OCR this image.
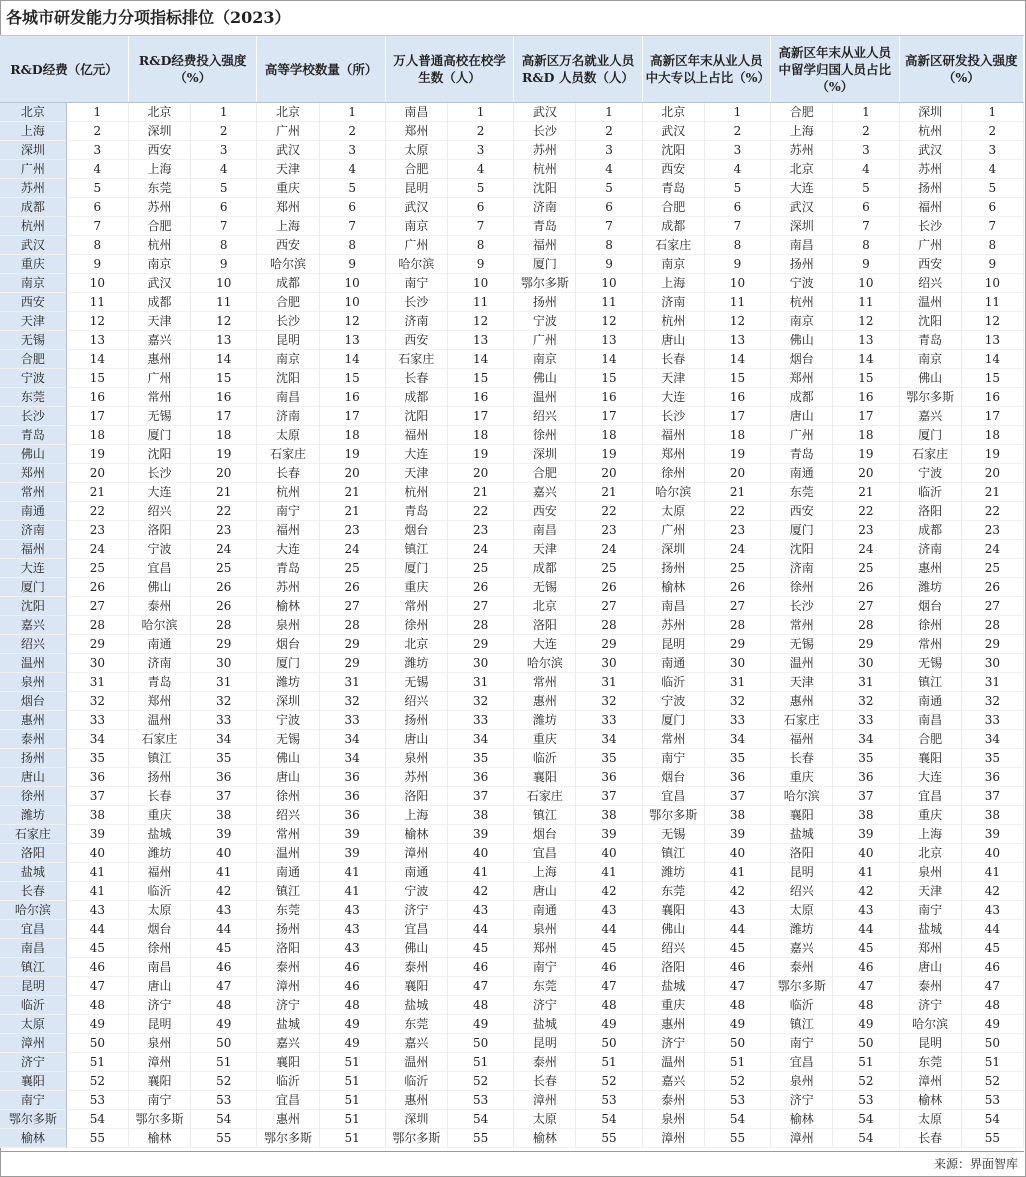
各城市研发能力分项指标排位（2023）
R&D经费（亿元）		R&D经费投入强度（%）		高等学校数量（所）		万人普通高校在校学生数（人）		高新区万名就业人员R&D 人员数（人）		高新区年末从业人员中大专以上占比（%）		高新区年末从业人员中留学归国人员占比（%）		高新区研发投入强度（%）	
北京	1	北京	1	北京	1	南昌	1	武汉	1	北京	1	合肥	1	深圳	1
上海	2	深圳	2	广州	2	郑州	2	长沙	2	武汉	2	上海	2	杭州	2
深圳	3	西安	3	武汉	3	太原	3	苏州	3	沈阳	3	苏州	3	武汉	3
广州	4	上海	4	天津	4	合肥	4	杭州	4	西安	4	北京	4	苏州	4
苏州	5	东莞	5	重庆	5	昆明	5	沈阳	5	青岛	5	大连	5	扬州	5
成都	6	苏州	6	郑州	6	武汉	6	济南	6	合肥	6	武汉	6	福州	6
杭州	7	合肥	7	上海	7	南京	7	青岛	7	成都	7	深圳	7	长沙	7
武汉	8	杭州	8	西安	8	广州	8	福州	8	石家庄	8	南昌	8	广州	8
重庆	9	南京	9	哈尔滨	9	哈尔滨	9	厦门	9	南京	9	扬州	9	西安	9
南京	10	武汉	10	成都	10	南宁	10	鄂尔多斯	10	上海	10	宁波	10	绍兴	10
西安	11	成都	11	合肥	10	长沙	11	扬州	11	济南	11	杭州	11	温州	11
天津	12	天津	12	长沙	12	济南	12	宁波	12	杭州	12	南京	12	沈阳	12
无锡	13	嘉兴	13	昆明	13	西安	13	广州	13	唐山	13	佛山	13	青岛	13
合肥	14	惠州	14	南京	14	石家庄	14	南京	14	长春	14	烟台	14	南京	14
宁波	15	广州	15	沈阳	15	长春	15	佛山	15	天津	15	郑州	15	佛山	15
东莞	16	常州	16	南昌	16	成都	16	温州	16	大连	16	成都	16	鄂尔多斯	16
长沙	17	无锡	17	济南	17	沈阳	17	绍兴	17	长沙	17	唐山	17	嘉兴	17
青岛	18	厦门	18	太原	18	福州	18	徐州	18	福州	18	广州	18	厦门	18
佛山	19	沈阳	19	石家庄	19	大连	19	深圳	19	郑州	19	青岛	19	石家庄	19
郑州	20	长沙	20	长春	20	天津	20	合肥	20	徐州	20	南通	20	宁波	20
常州	21	大连	21	杭州	21	杭州	21	嘉兴	21	哈尔滨	21	东莞	21	临沂	21
南通	22	绍兴	22	南宁	21	青岛	22	西安	22	太原	22	西安	22	洛阳	22
济南	23	洛阳	23	福州	23	烟台	23	南昌	23	广州	23	厦门	23	成都	23
福州	24	宁波	24	大连	24	镇江	24	天津	24	深圳	24	沈阳	24	济南	24
大连	25	宜昌	25	青岛	25	厦门	25	成都	25	扬州	25	济南	25	惠州	25
厦门	26	佛山	26	苏州	26	重庆	26	无锡	26	榆林	26	徐州	26	潍坊	26
沈阳	27	泰州	26	榆林	27	常州	27	北京	27	南昌	27	长沙	27	烟台	27
嘉兴	28	哈尔滨	28	泉州	28	徐州	28	洛阳	28	苏州	28	常州	28	徐州	28
绍兴	29	南通	29	烟台	29	北京	29	大连	29	昆明	29	无锡	29	常州	29
温州	30	济南	30	厦门	29	潍坊	30	哈尔滨	30	南通	30	温州	30	无锡	30
泉州	31	青岛	31	潍坊	31	无锡	31	常州	31	临沂	31	天津	31	镇江	31
烟台	32	郑州	32	深圳	32	绍兴	32	惠州	32	宁波	32	惠州	32	南通	32
惠州	33	温州	33	宁波	33	扬州	33	潍坊	33	厦门	33	石家庄	33	南昌	33
泰州	34	石家庄	34	无锡	34	唐山	34	重庆	34	常州	34	福州	34	合肥	34
扬州	35	镇江	35	佛山	34	泉州	35	临沂	35	南宁	35	长春	35	襄阳	35
唐山	36	扬州	36	唐山	36	苏州	36	襄阳	36	烟台	36	重庆	36	大连	36
徐州	37	长春	37	徐州	36	洛阳	37	石家庄	37	宜昌	37	哈尔滨	37	宜昌	37
潍坊	38	重庆	38	绍兴	36	上海	38	镇江	38	鄂尔多斯	38	襄阳	38	重庆	38
石家庄	39	盐城	39	常州	39	榆林	39	烟台	39	无锡	39	盐城	39	上海	39
洛阳	40	潍坊	40	温州	39	漳州	40	宜昌	40	镇江	40	洛阳	40	北京	40
盐城	41	福州	41	南通	41	南通	41	上海	41	潍坊	41	昆明	41	泉州	41
长春	41	临沂	42	镇江	41	宁波	42	唐山	42	东莞	42	绍兴	42	天津	42
哈尔滨	43	太原	43	东莞	43	济宁	43	南通	43	襄阳	43	太原	43	南宁	43
宜昌	44	烟台	44	扬州	43	宜昌	44	泉州	44	佛山	44	潍坊	44	盐城	44
南昌	45	徐州	45	洛阳	43	佛山	45	郑州	45	绍兴	45	嘉兴	45	郑州	45
镇江	46	南昌	46	泰州	46	泰州	46	南宁	46	洛阳	46	泰州	46	唐山	46
昆明	47	唐山	47	漳州	46	襄阳	47	东莞	47	盐城	47	鄂尔多斯	47	泰州	47
临沂	48	济宁	48	济宁	48	盐城	48	济宁	48	重庆	48	临沂	48	济宁	48
太原	49	昆明	49	盐城	49	东莞	49	盐城	49	惠州	49	镇江	49	哈尔滨	49
漳州	50	泉州	50	嘉兴	49	嘉兴	50	昆明	50	济宁	50	南宁	50	昆明	50
济宁	51	漳州	51	襄阳	51	温州	51	泰州	51	温州	51	宜昌	51	东莞	51
襄阳	52	襄阳	52	临沂	51	临沂	52	长春	52	嘉兴	52	泉州	52	漳州	52
南宁	53	南宁	53	宜昌	51	惠州	53	漳州	53	泰州	53	济宁	53	榆林	53
鄂尔多斯	54	鄂尔多斯	54	惠州	51	深圳	54	太原	54	泉州	54	榆林	54	太原	54
榆林	55	榆林	55	鄂尔多斯	51	鄂尔多斯	55	榆林	55	漳州	55	漳州	54	长春	55
来源：界面智库
